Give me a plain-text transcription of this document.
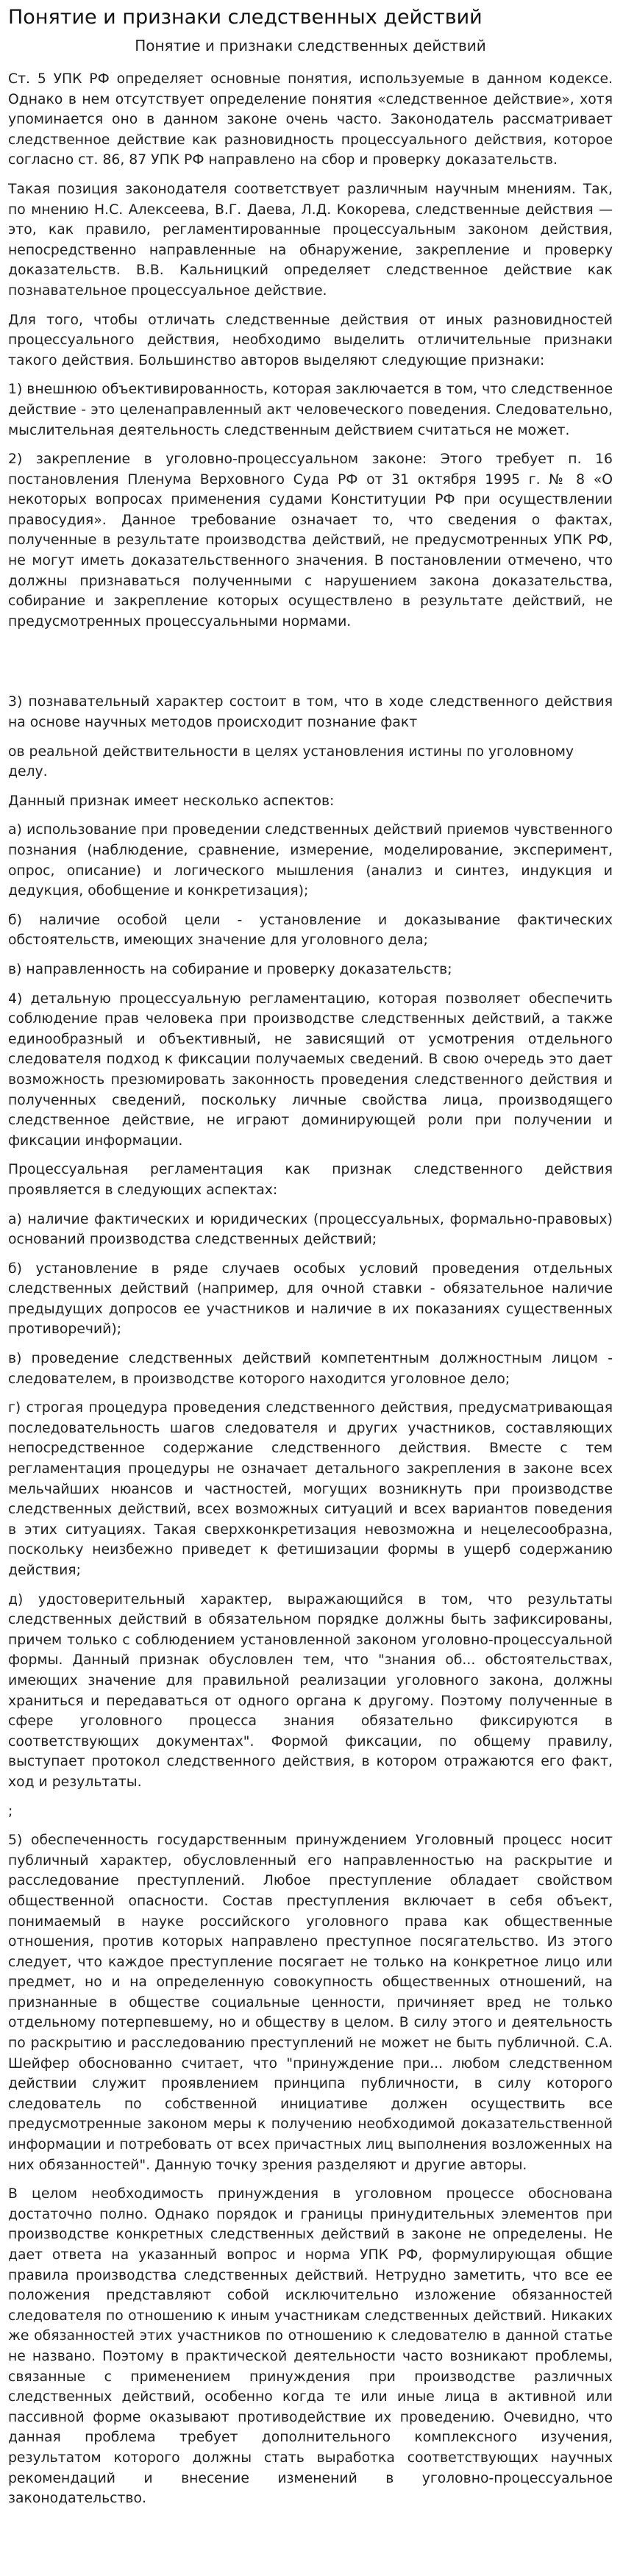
Понятие и признаки следственных действий
Понятие и признаки следственных действий

Ст. 5 УПК РФ определяет основные понятия, используемые в данном кодексе. Однако в нем отсутствует определение понятия «следственное действие», хотя упоминается оно в данном законе очень часто. Законодатель рассматривает следственное действие как разновидность процессуального действия, которое согласно ст. 86, 87 УПК РФ направлено на сбор и проверку доказательств.

Такая позиция законодателя соответствует различным научным мнениям. Так, по мнению Н.С. Алексеева, В.Г. Даева, Л.Д. Кокорева, следственные действия — это, как правило, регламентированные процессуальным законом действия, непосредственно направленные на обнаружение, закрепление и проверку доказательств. В.В. Кальницкий определяет следственное действие как познавательное процессуальное действие.

Для того, чтобы отличать следственные действия от иных разновидностей процессуального действия, необходимо выделить отличительные признаки такого действия. Большинство авторов выделяют следующие признаки:

1) внешнюю объективированность, которая заключается в том, что следственное действие - это целенаправленный акт человеческого поведения. Следовательно, мыслительная деятельность следственным действием считаться не может.

2) закрепление в уголовно-процессуальном законе: Этого требует п. 16 постановления Пленума Верховного Суда РФ от 31 октября 1995 г. № 8 «О некоторых вопросах применения судами Конституции РФ при осуществлении правосудия». Данное требование означает то, что сведения о фактах, полученные в результате производства действий, не предусмотренных УПК РФ, не могут иметь доказательственного значения. В постановлении отмечено, что должны признаваться полученными с нарушением закона доказательства, собирание и закрепление которых осуществлено в результате действий, не предусмотренных процессуальными нормами.

3) познавательный характер состоит в том, что в ходе следственного действия на основе научных методов происходит познание факт

ов реальной действительности в целях установления истины по уголовному делу.

Данный признак имеет несколько аспектов:

а) использование при проведении следственных действий приемов чувственного познания (наблюдение, сравнение, измерение, моделирование, эксперимент, опрос, описание) и логического мышления (анализ и синтез, индукция и дедукция, обобщение и конкретизация);

б) наличие особой цели - установление и доказывание фактических обстоятельств, имеющих значение для уголовного дела;

в) направленность на собирание и проверку доказательств;

4) детальную процессуальную регламентацию, которая позволяет обеспечить соблюдение прав человека при производстве следственных действий, а также единообразный и объективный, не зависящий от усмотрения отдельного следователя подход к фиксации получаемых сведений. В свою очередь это дает возможность презюмировать законность проведения следственного действия и полученных сведений, поскольку личные свойства лица, производящего следственное действие, не играют доминирующей роли при получении и фиксации информации.

Процессуальная регламентация как признак следственного действия проявляется в следующих аспектах:

а) наличие фактических и юридических (процессуальных, формально-правовых) оснований производства следственных действий;

б) установление в ряде случаев особых условий проведения отдельных следственных действий (например, для очной ставки - обязательное наличие предыдущих допросов ее участников и наличие в их показаниях существенных противоречий);

в) проведение следственных действий компетентным должностным лицом - следователем, в производстве которого находится уголовное дело;

г) строгая процедура проведения следственного действия, предусматривающая последовательность шагов следователя и других участников, составляющих непосредственное содержание следственного действия. Вместе с тем регламентация процедуры не означает детального закрепления в законе всех мельчайших нюансов и частностей, могущих возникнуть при производстве следственных действий, всех возможных ситуаций и всех вариантов поведения в этих ситуациях. Такая сверхконкретизация невозможна и нецелесообразна, поскольку неизбежно приведет к фетишизации формы в ущерб содержанию действия;

д) удостоверительный характер, выражающийся в том, что результаты следственных действий в обязательном порядке должны быть зафиксированы, причем только с соблюдением установленной законом уголовно-процессуальной формы. Данный признак обусловлен тем, что "знания об... обстоятельствах, имеющих значение для правильной реализации уголовного закона, должны храниться и передаваться от одного органа к другому. Поэтому полученные в сфере уголовного процесса знания обязательно фиксируются в соответствующих документах". Формой фиксации, по общему правилу, выступает протокол следственного действия, в котором отражаются его факт, ход и результаты.

;

5) обеспеченность государственным принуждением Уголовный процесс носит публичный характер, обусловленный его направленностью на раскрытие и расследование преступлений. Любое преступление обладает свойством общественной опасности. Состав преступления включает в себя объект, понимаемый в науке российского уголовного права как общественные отношения, против которых направлено преступное посягательство. Из этого следует, что каждое преступление посягает не только на конкретное лицо или предмет, но и на определенную совокупность общественных отношений, на признанные в обществе социальные ценности, причиняет вред не только отдельному потерпевшему, но и обществу в целом. В силу этого и деятельность по раскрытию и расследованию преступлений не может не быть публичной. С.А. Шейфер обоснованно считает, что "принуждение при... любом следственном действии служит проявлением принципа публичности, в силу которого следователь по собственной инициативе должен осуществить все предусмотренные законом меры к получению необходимой доказательственной информации и потребовать от всех причастных лиц выполнения возложенных на них обязанностей". Данную точку зрения разделяют и другие авторы.

В целом необходимость принуждения в уголовном процессе обоснована достаточно полно. Однако порядок и границы принудительных элементов при производстве конкретных следственных действий в законе не определены. Не дает ответа на указанный вопрос и норма УПК РФ, формулирующая общие правила производства следственных действий. Нетрудно заметить, что все ее положения представляют собой исключительно изложение обязанностей следователя по отношению к иным участникам следственных действий. Никаких же обязанностей этих участников по отношению к следователю в данной статье не названо. Поэтому в практической деятельности часто возникают проблемы, связанные с применением принуждения при производстве различных следственных действий, особенно когда те или иные лица в активной или пассивной форме оказывают противодействие их проведению. Очевидно, что данная проблема требует дополнительного комплексного изучения, результатом которого должны стать выработка соответствующих научных рекомендаций и внесение изменений в уголовно-процессуальное законодательство.
